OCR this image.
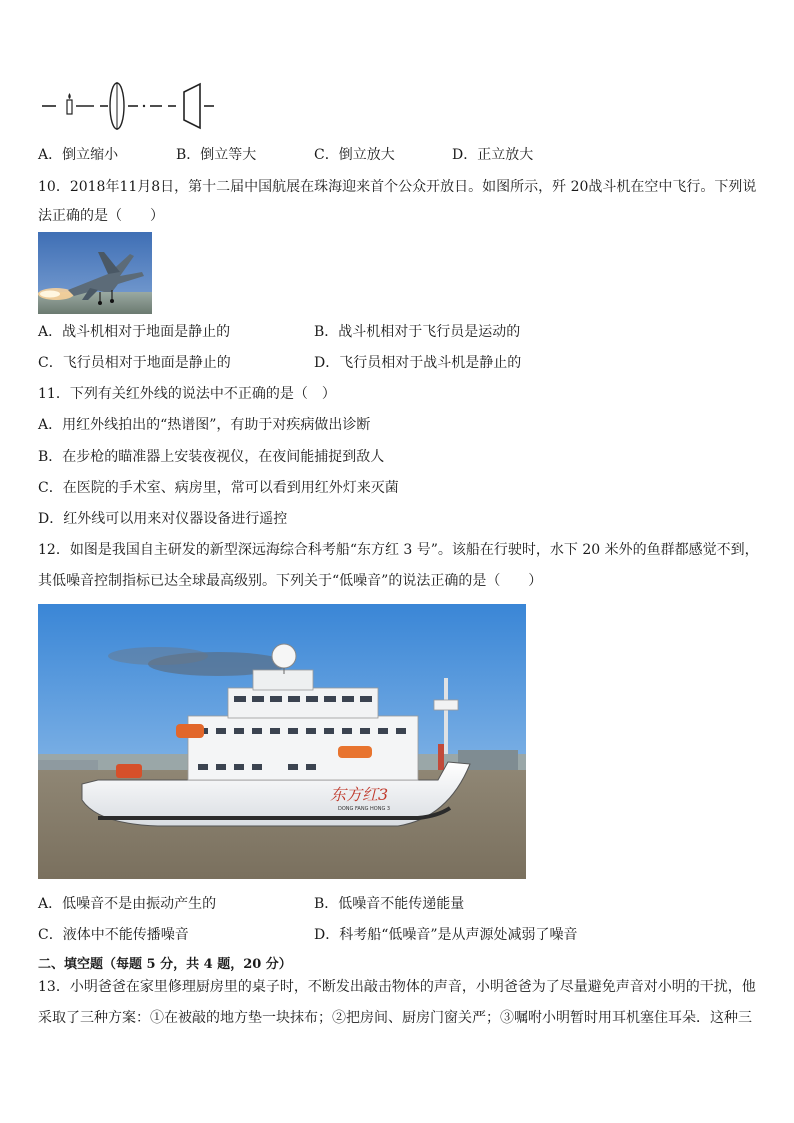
A．倒立缩小	B．倒立等大	C．倒立放大	D．正立放大
10．2018年11月8日，第十二届中国航展在珠海迎来首个公众开放日。如图所示，歼 20战斗机在空中飞行。下列说
法正确的是（　　）
A．战斗机相对于地面是静止的	B．战斗机相对于飞行员是运动的
C．飞行员相对于地面是静止的	D．飞行员相对于战斗机是静止的
11．下列有关红外线的说法中不正确的是（　）
A．用红外线拍出的“热谱图”，有助于对疾病做出诊断
B．在步枪的瞄准器上安装夜视仪，在夜间能捕捉到敌人
C．在医院的手术室、病房里，常可以看到用红外灯来灭菌
D．红外线可以用来对仪器设备进行遥控
12．如图是我国自主研发的新型深远海综合科考船“东方红 3 号”。该船在行驶时，水下 20 米外的鱼群都感觉不到，
其低噪音控制指标已达全球最高级别。下列关于“低噪音”的说法正确的是（　　）
东方红3
DONG FANG HONG 3
A．低噪音不是由振动产生的	B．低噪音不能传递能量
C．液体中不能传播噪音	D．科考船“低噪音”是从声源处减弱了噪音
二、填空题（每题 5 分，共 4 题，20 分）
13．小明爸爸在家里修理厨房里的桌子时，不断发出敲击物体的声音，小明爸爸为了尽量避免声音对小明的干扰，他
采取了三种方案：①在被敲的地方垫一块抹布；②把房间、厨房门窗关严；③嘱咐小明暂时用耳机塞住耳朵．这种三
